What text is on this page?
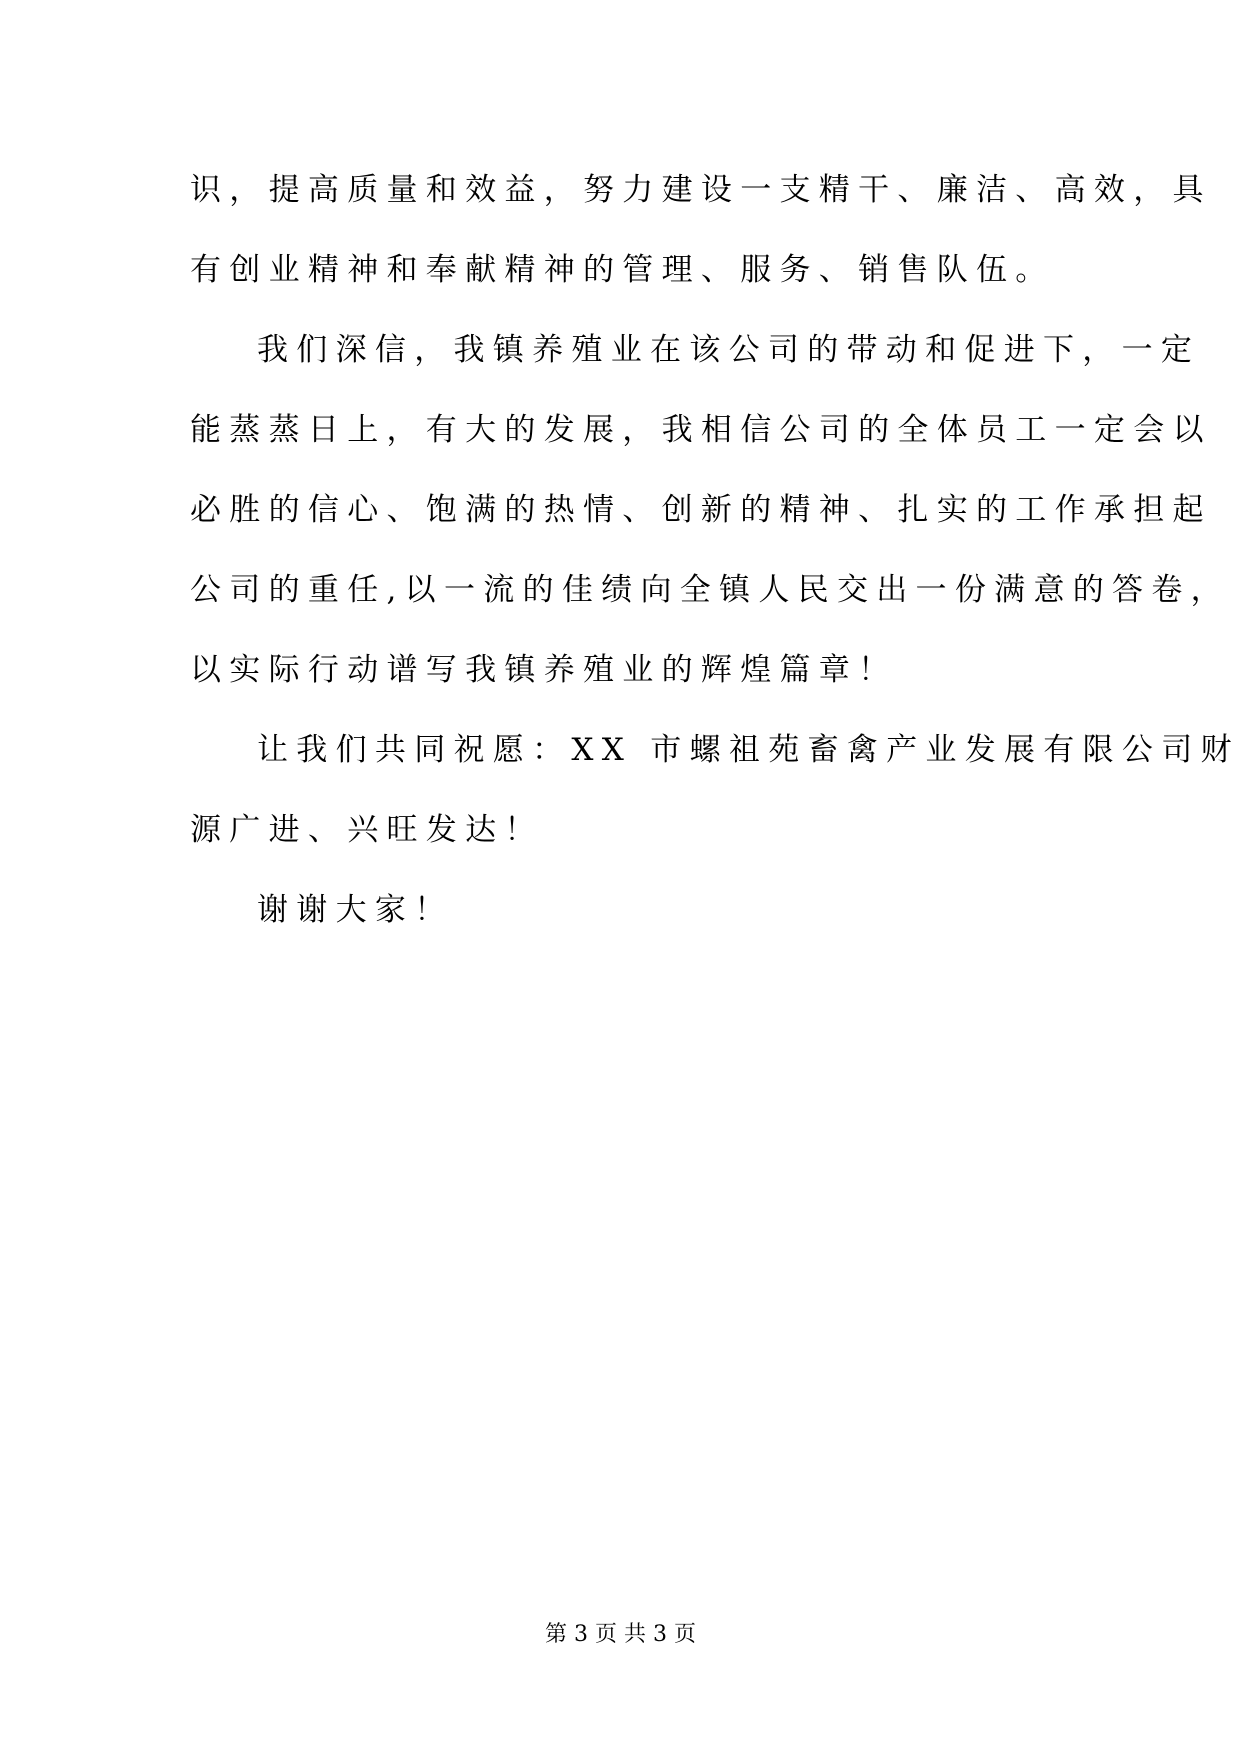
识，提高质量和效益，努力建设一支精干、廉洁、高效，具
有创业精神和奉献精神的管理、服务、销售队伍。
我们深信，我镇养殖业在该公司的带动和促进下，一定
能蒸蒸日上，有大的发展，我相信公司的全体员工一定会以
必胜的信心、饱满的热情、创新的精神、扎实的工作承担起
公司的重任,以一流的佳绩向全镇人民交出一份满意的答卷，
以实际行动谱写我镇养殖业的辉煌篇章！
让我们共同祝愿：XX 市螺祖苑畜禽产业发展有限公司财
源广进、兴旺发达！
谢谢大家！
第 3 页 共 3 页
